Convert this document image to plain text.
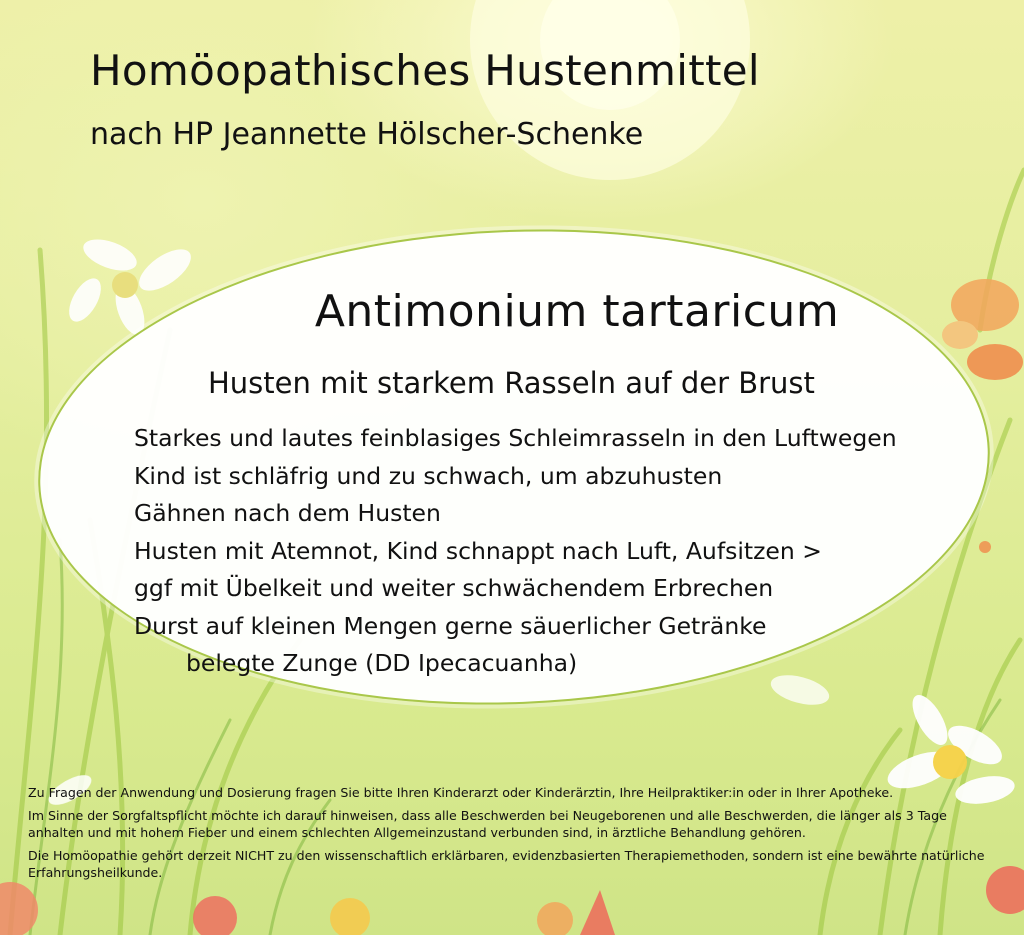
Homöopathisches Hustenmittel
nach HP Jeannette Hölscher-Schenke
Antimonium tartaricum
Husten mit starkem Rasseln auf der Brust
Starkes und lautes feinblasiges Schleimrasseln in den Luftwegen
Kind ist schläfrig und zu schwach, um abzuhusten
Gähnen nach dem Husten
Husten mit Atemnot, Kind schnappt nach Luft, Aufsitzen >
ggf mit Übelkeit und weiter schwächendem Erbrechen
Durst auf kleinen Mengen gerne säuerlicher Getränke
belegte Zunge (DD Ipecacuanha)

Zu Fragen der Anwendung und Dosierung fragen Sie bitte Ihren Kinderarzt oder Kinderärztin, Ihre Heilpraktiker:in oder in Ihrer Apotheke.

Im Sinne der Sorgfaltspflicht möchte ich darauf hinweisen, dass alle Beschwerden bei Neugeborenen und alle Beschwerden, die länger als 3 Tage anhalten und mit hohem Fieber und einem schlechten Allgemeinzustand verbunden sind, in ärztliche Behandlung gehören.

Die Homöopathie gehört derzeit NICHT zu den wissenschaftlich erklärbaren, evidenzbasierten Therapiemethoden, sondern ist eine bewährte natürliche Erfahrungsheilkunde.
